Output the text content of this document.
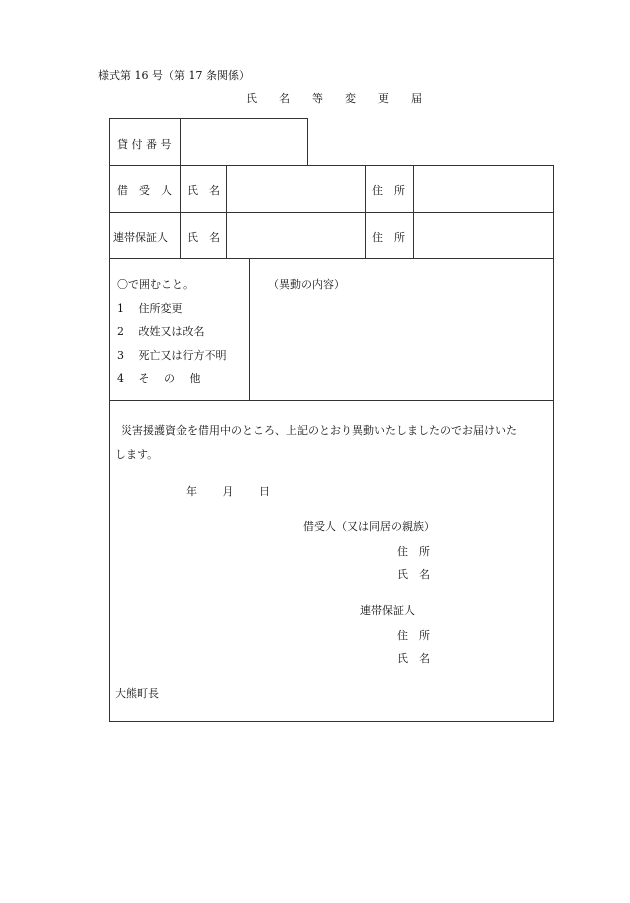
様式第 16 号（第 17 条関係）
氏　　名　　等　　変　　更　　届
貸 付 番 号
借　受　人 氏　名	住　所
連帯保証人 氏　名	住　所
〇で囲むこと。
1　 住所変更
2　 改姓又は改名
3　 死亡又は行方不明
4　 そ　 の　 他
（異動の内容）
災害援護資金を借用中のところ、上記のとおり異動いたしましたのでお届けいた
します。
年　　 月　　 日
借受人（又は同居の親族）
住　所
氏　名
連帯保証人
住　所
氏　名
大熊町長
